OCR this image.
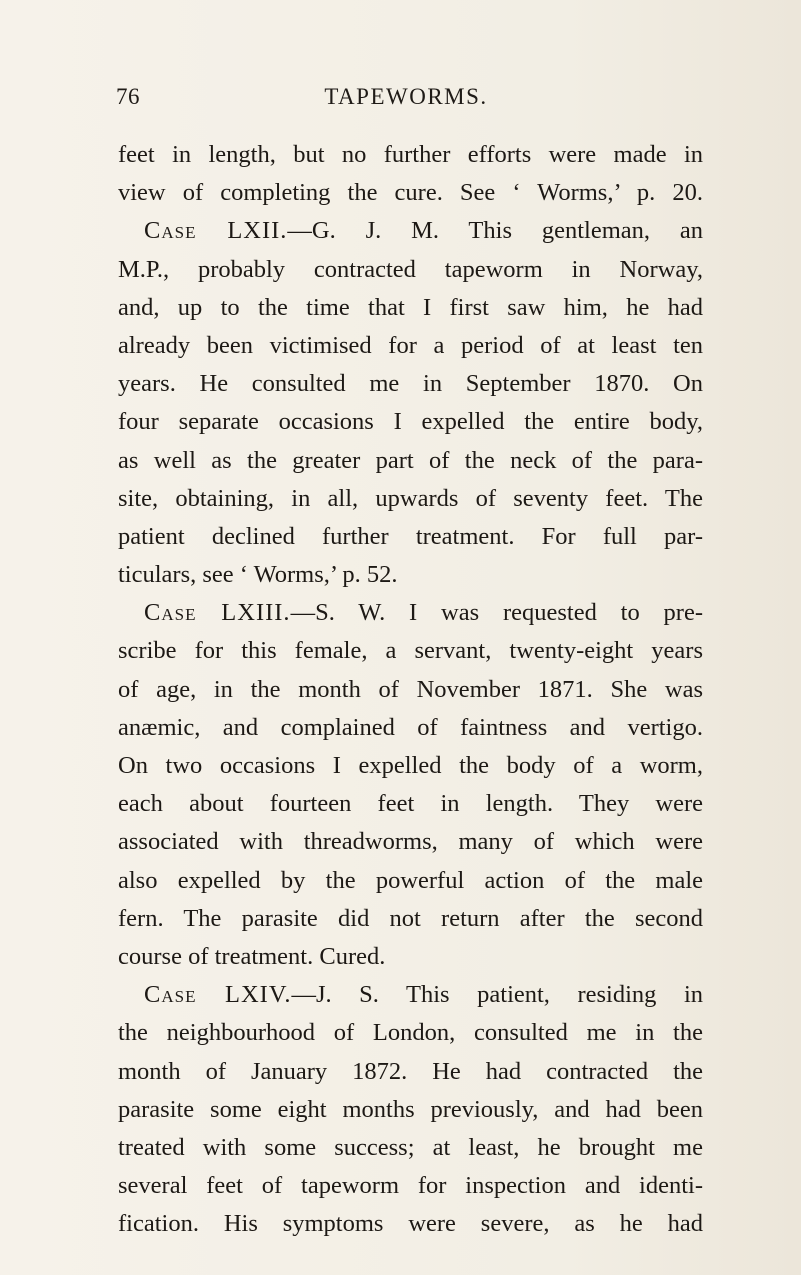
76	TAPEWORMS.
feet in length, but no further efforts were made in
view of completing the cure. See ‘ Worms,’ p. 20.
Case LXII.—G. J. M. This gentleman, an
M.P., probably contracted tapeworm in Norway,
and, up to the time that I first saw him, he had
already been victimised for a period of at least ten
years. He consulted me in September 1870. On
four separate occasions I expelled the entire body,
as well as the greater part of the neck of the para-
site, obtaining, in all, upwards of seventy feet. The
patient declined further treatment. For full par-
ticulars, see ‘ Worms,’ p. 52.
Case LXIII.—S. W. I was requested to pre-
scribe for this female, a servant, twenty-eight years
of age, in the month of November 1871. She was
anæmic, and complained of faintness and vertigo.
On two occasions I expelled the body of a worm,
each about fourteen feet in length. They were
associated with threadworms, many of which were
also expelled by the powerful action of the male
fern. The parasite did not return after the second
course of treatment. Cured.
Case LXIV.—J. S. This patient, residing in
the neighbourhood of London, consulted me in the
month of January 1872. He had contracted the
parasite some eight months previously, and had been
treated with some success; at least, he brought me
several feet of tapeworm for inspection and identi-
fication. His symptoms were severe, as he had
